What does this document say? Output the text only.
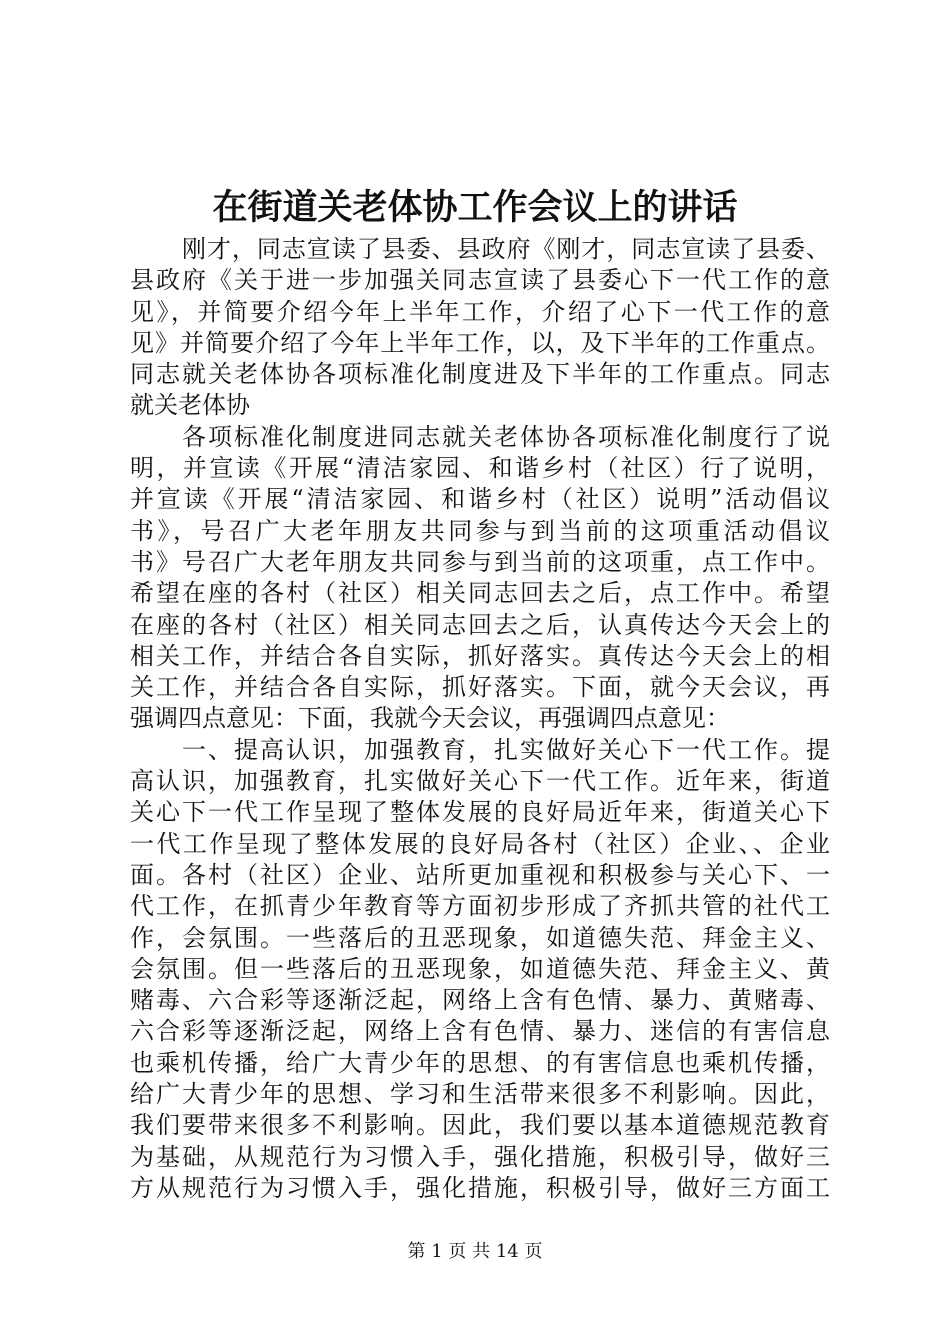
在街道关老体协工作会议上的讲话
刚才，同志宣读了县委、县政府《刚才，同志宣读了县委、
县政府《关于进一步加强关同志宣读了县委心下一代工作的意
见》，并简要介绍今年上半年工作，介绍了心下一代工作的意
见》并简要介绍了今年上半年工作，以，及下半年的工作重点。
同志就关老体协各项标准化制度进及下半年的工作重点。同志
就关老体协
各项标准化制度进同志就关老体协各项标准化制度行了说
明，并宣读《开展“清洁家园、和谐乡村（社区）行了说明，
并宣读《开展“清洁家园、和谐乡村（社区）说明”活动倡议
书》，号召广大老年朋友共同参与到当前的这项重活动倡议
书》号召广大老年朋友共同参与到当前的这项重，点工作中。
希望在座的各村（社区）相关同志回去之后，点工作中。希望
在座的各村（社区）相关同志回去之后，认真传达今天会上的
相关工作，并结合各自实际，抓好落实。真传达今天会上的相
关工作，并结合各自实际，抓好落实。下面，就今天会议，再
强调四点意见：下面，我就今天会议，再强调四点意见：
一、提高认识，加强教育，扎实做好关心下一代工作。提
高认识，加强教育，扎实做好关心下一代工作。近年来，街道
关心下一代工作呈现了整体发展的良好局近年来，街道关心下
一代工作呈现了整体发展的良好局各村（社区）企业、、企业
面。各村（社区）企业、站所更加重视和积极参与关心下、一
代工作，在抓青少年教育等方面初步形成了齐抓共管的社代工
作，会氛围。一些落后的丑恶现象，如道德失范、拜金主义、
会氛围。但一些落后的丑恶现象，如道德失范、拜金主义、黄
赌毒、六合彩等逐渐泛起，网络上含有色情、暴力、黄赌毒、
六合彩等逐渐泛起，网络上含有色情、暴力、迷信的有害信息
也乘机传播，给广大青少年的思想、的有害信息也乘机传播，
给广大青少年的思想、学习和生活带来很多不利影响。因此，
我们要带来很多不利影响。因此，我们要以基本道德规范教育
为基础，从规范行为习惯入手，强化措施，积极引导，做好三
方从规范行为习惯入手，强化措施，积极引导，做好三方面工
第 1 页 共 14 页
